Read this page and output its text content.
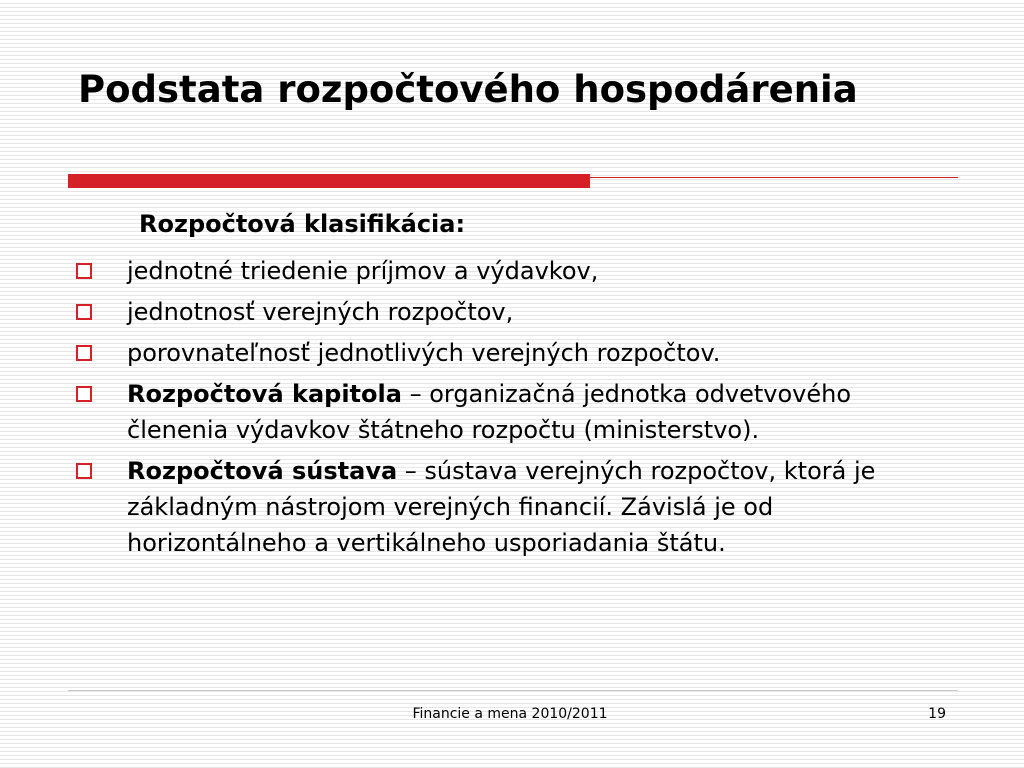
Podstata rozpočtového hospodárenia

Rozpočtová klasifikácia:

jednotné triedenie príjmov a výdavkov,
jednotnosť verejných rozpočtov,
porovnateľnosť jednotlivých verejných rozpočtov.
Rozpočtová kapitola – organizačná jednotka odvetvového členenia výdavkov štátneho rozpočtu (ministerstvo).
Rozpočtová sústava – sústava verejných rozpočtov, ktorá je základným nástrojom verejných financií. Závislá je od horizontálneho a vertikálneho usporiadania štátu.
Financie a mena 2010/2011	19
